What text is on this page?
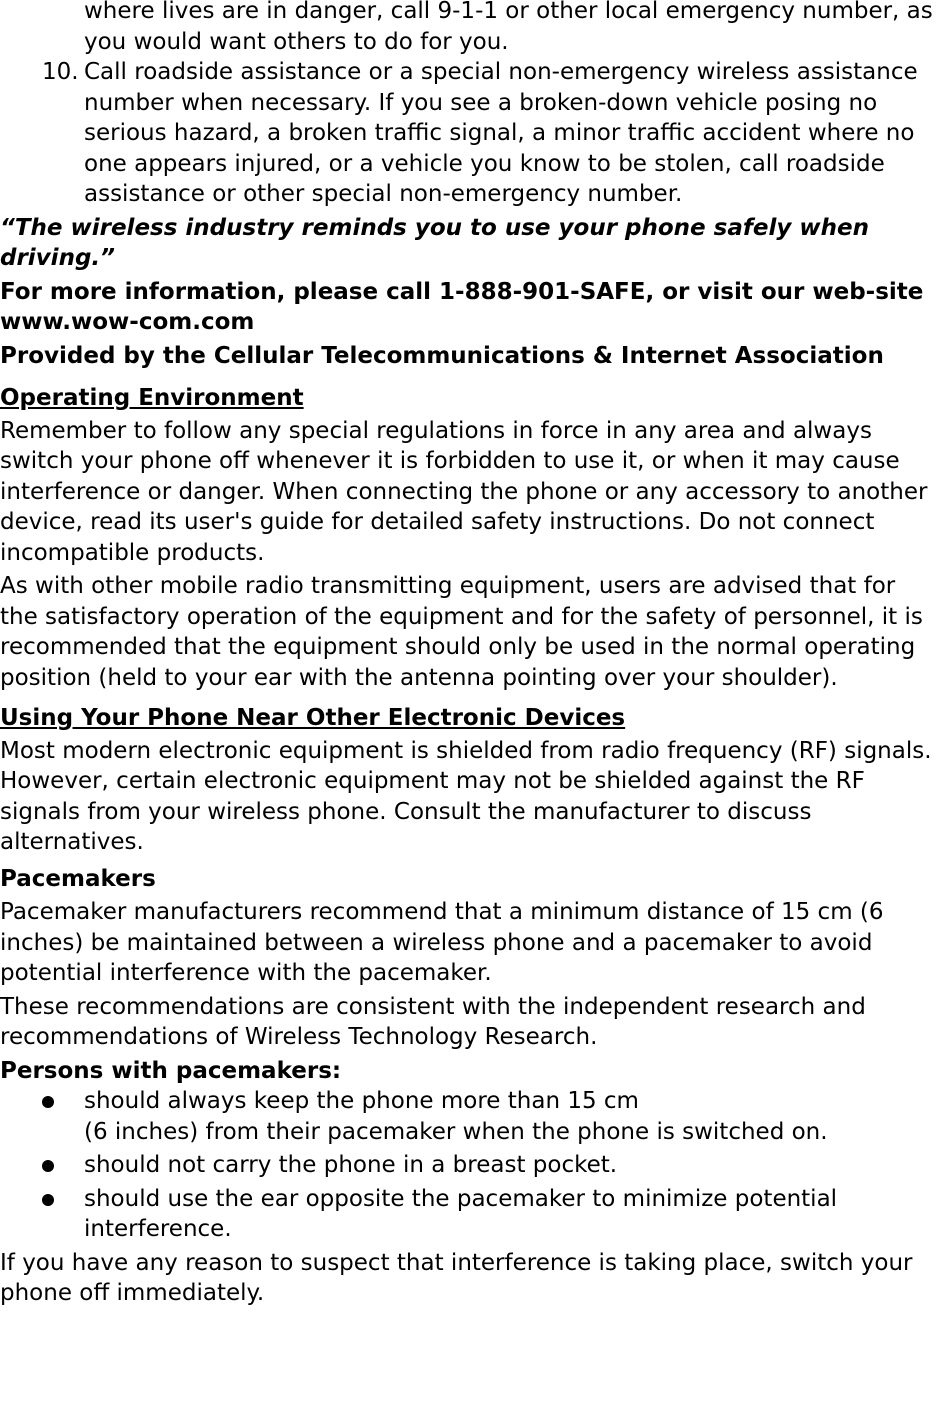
where lives are in danger, call 9-1-1 or other local emergency number, as you would want others to do for you.

10. Call roadside assistance or a special non-emergency wireless assistance number when necessary. If you see a broken-down vehicle posing no serious hazard, a broken traffic signal, a minor traffic accident where no one appears injured, or a vehicle you know to be stolen, call roadside assistance or other special non-emergency number.

“The wireless industry reminds you to use your phone safely when driving.”

For more information, please call 1-888-901-SAFE, or visit our web-site www.wow-com.com

Provided by the Cellular Telecommunications & Internet Association

Operating Environment

Remember to follow any special regulations in force in any area and always switch your phone off whenever it is forbidden to use it, or when it may cause interference or danger. When connecting the phone or any accessory to another device, read its user's guide for detailed safety instructions. Do not connect incompatible products.

As with other mobile radio transmitting equipment, users are advised that for the satisfactory operation of the equipment and for the safety of personnel, it is recommended that the equipment should only be used in the normal operating position (held to your ear with the antenna pointing over your shoulder).

Using Your Phone Near Other Electronic Devices

Most modern electronic equipment is shielded from radio frequency (RF) signals. However, certain electronic equipment may not be shielded against the RF signals from your wireless phone. Consult the manufacturer to discuss alternatives.

Pacemakers

Pacemaker manufacturers recommend that a minimum distance of 15 cm (6 inches) be maintained between a wireless phone and a pacemaker to avoid potential interference with the pacemaker.

These recommendations are consistent with the independent research and recommendations of Wireless Technology Research.

Persons with pacemakers:

should always keep the phone more than 15 cm
(6 inches) from their pacemaker when the phone is switched on.
should not carry the phone in a breast pocket.
should use the ear opposite the pacemaker to minimize potential interference.

If you have any reason to suspect that interference is taking place, switch your phone off immediately.
